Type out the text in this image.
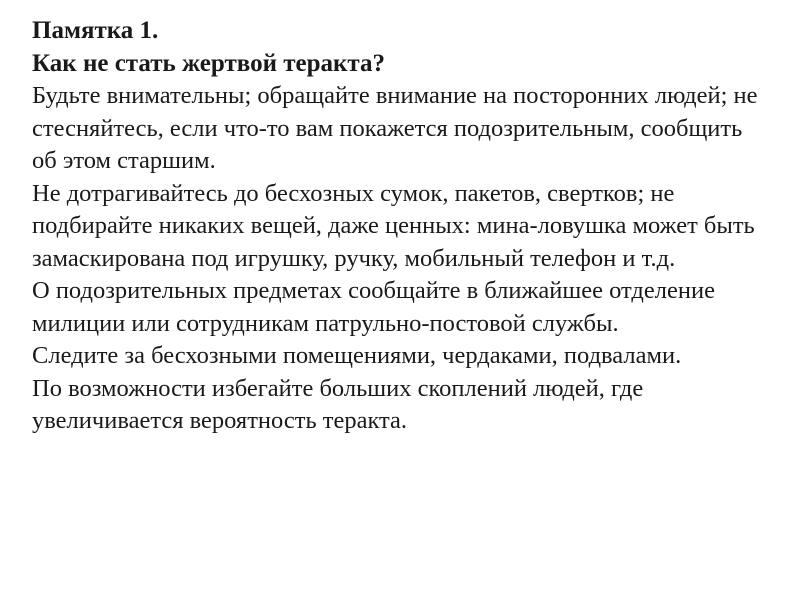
Памятка 1.
Как не стать жертвой теракта?
Будьте внимательны; обращайте внимание на посторонних людей; не стесняйтесь, если что-то вам покажется подозрительным, сообщить об этом старшим.
Не дотрагивайтесь до бесхозных сумок, пакетов, свертков; не подбирайте никаких вещей, даже ценных: мина-ловушка может быть замаскирована под игрушку, ручку, мобильный телефон и т.д.
О подозрительных предметах сообщайте в ближайшее отделение милиции или сотрудникам патрульно-постовой службы.
Следите за бесхозными помещениями, чердаками, подвалами.
По возможности избегайте больших скоплений людей, где увеличивается вероятность теракта.
